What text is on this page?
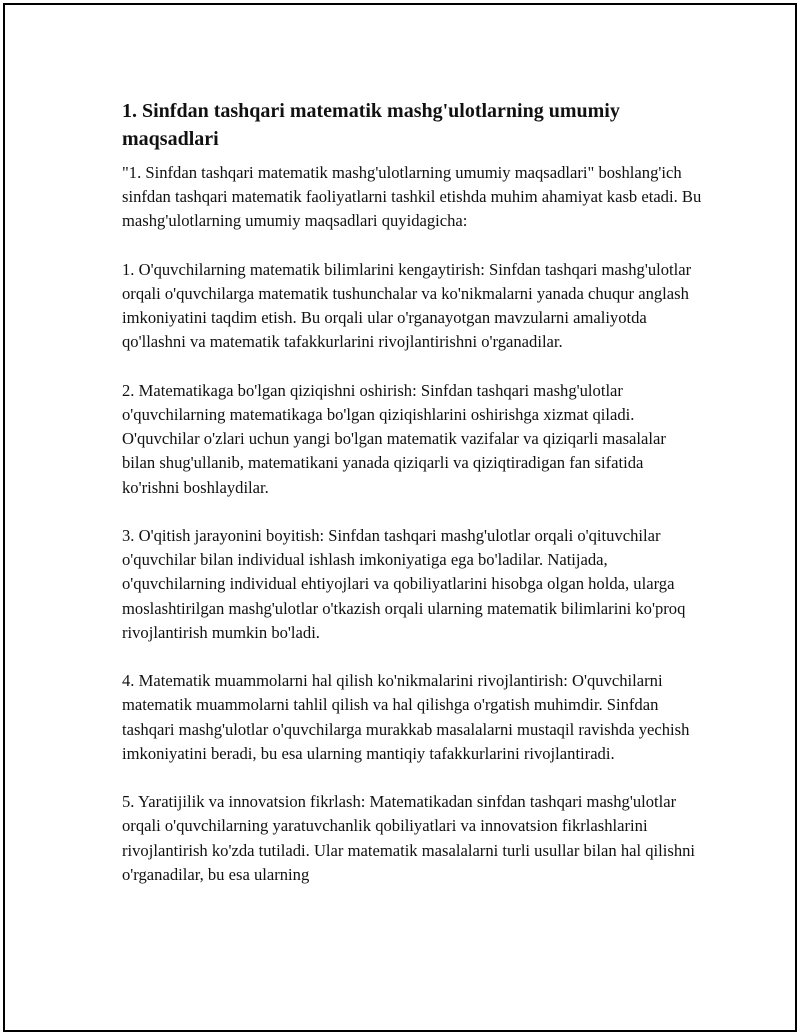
1. Sinfdan tashqari matematik mashg'ulotlarning umumiy maqsadlari

"1. Sinfdan tashqari matematik mashg'ulotlarning umumiy maqsadlari" boshlang'ich sinfdan tashqari matematik faoliyatlarni tashkil etishda muhim ahamiyat kasb etadi. Bu mashg'ulotlarning umumiy maqsadlari quyidagicha:

1. O'quvchilarning matematik bilimlarini kengaytirish: Sinfdan tashqari mashg'ulotlar orqali o'quvchilarga matematik tushunchalar va ko'nikmalarni yanada chuqur anglash imkoniyatini taqdim etish. Bu orqali ular o'rganayotgan mavzularni amaliyotda qo'llashni va matematik tafakkurlarini rivojlantirishni o'rganadilar.

2. Matematikaga bo'lgan qiziqishni oshirish: Sinfdan tashqari mashg'ulotlar o'quvchilarning matematikaga bo'lgan qiziqishlarini oshirishga xizmat qiladi. O'quvchilar o'zlari uchun yangi bo'lgan matematik vazifalar va qiziqarli masalalar bilan shug'ullanib, matematikani yanada qiziqarli va qiziqtiradigan fan sifatida ko'rishni boshlaydilar.

3. O'qitish jarayonini boyitish: Sinfdan tashqari mashg'ulotlar orqali o'qituvchilar o'quvchilar bilan individual ishlash imkoniyatiga ega bo'ladilar. Natijada, o'quvchilarning individual ehtiyojlari va qobiliyatlarini hisobga olgan holda, ularga moslashtirilgan mashg'ulotlar o'tkazish orqali ularning matematik bilimlarini ko'proq rivojlantirish mumkin bo'ladi.

4. Matematik muammolarni hal qilish ko'nikmalarini rivojlantirish: O'quvchilarni matematik muammolarni tahlil qilish va hal qilishga o'rgatish muhimdir. Sinfdan tashqari mashg'ulotlar o'quvchilarga murakkab masalalarni mustaqil ravishda yechish imkoniyatini beradi, bu esa ularning mantiqiy tafakkurlarini rivojlantiradi.

5. Yaratijilik va innovatsion fikrlash: Matematikadan sinfdan tashqari mashg'ulotlar orqali o'quvchilarning yaratuvchanlik qobiliyatlari va innovatsion fikrlashlarini rivojlantirish ko'zda tutiladi. Ular matematik masalalarni turli usullar bilan hal qilishni o'rganadilar, bu esa ularning
